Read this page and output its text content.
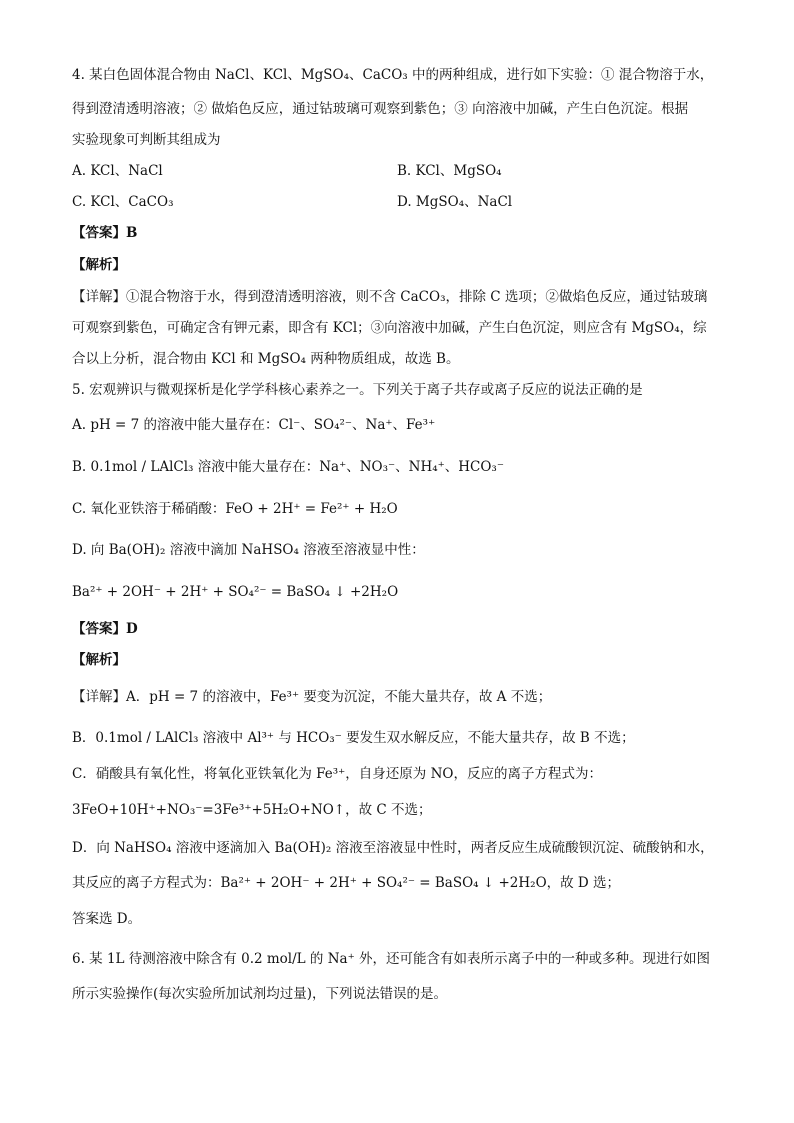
4. 某白色固体混合物由 NaCl、KCl、MgSO₄、CaCO₃ 中的两种组成，进行如下实验：① 混合物溶于水，
得到澄清透明溶液；② 做焰色反应，通过钴玻璃可观察到紫色；③ 向溶液中加碱，产生白色沉淀。根据
实验现象可判断其组成为
A. KCl、NaCl	B. KCl、MgSO₄
C. KCl、CaCO₃	D. MgSO₄、NaCl
【答案】B
【解析】
【详解】①混合物溶于水，得到澄清透明溶液，则不含 CaCO₃，排除 C 选项；②做焰色反应，通过钴玻璃
可观察到紫色，可确定含有钾元素，即含有 KCl；③向溶液中加碱，产生白色沉淀，则应含有 MgSO₄，综
合以上分析，混合物由 KCl 和 MgSO₄ 两种物质组成，故选 B。
5. 宏观辨识与微观探析是化学学科核心素养之一。下列关于离子共存或离子反应的说法正确的是
A. pH = 7 的溶液中能大量存在：Cl⁻、SO₄²⁻、Na⁺、Fe³⁺
B. 0.1mol / LAlCl₃ 溶液中能大量存在：Na⁺、NO₃⁻、NH₄⁺、HCO₃⁻
C. 氧化亚铁溶于稀硝酸：FeO + 2H⁺ = Fe²⁺ + H₂O
D. 向 Ba(OH)₂ 溶液中滴加 NaHSO₄ 溶液至溶液显中性：
Ba²⁺ + 2OH⁻ + 2H⁺ + SO₄²⁻ = BaSO₄ ↓ +2H₂O
【答案】D
【解析】
【详解】A．pH = 7 的溶液中，Fe³⁺ 要变为沉淀，不能大量共存，故 A 不选；
B．0.1mol / LAlCl₃ 溶液中 Al³⁺ 与 HCO₃⁻ 要发生双水解反应，不能大量共存，故 B 不选；
C．硝酸具有氧化性，将氧化亚铁氧化为 Fe³⁺，自身还原为 NO，反应的离子方程式为：
3FeO+10H⁺+NO₃⁻=3Fe³⁺+5H₂O+NO↑，故 C 不选；
D．向 NaHSO₄ 溶液中逐滴加入 Ba(OH)₂ 溶液至溶液显中性时，两者反应生成硫酸钡沉淀、硫酸钠和水，
其反应的离子方程式为：Ba²⁺ + 2OH⁻ + 2H⁺ + SO₄²⁻ = BaSO₄ ↓ +2H₂O，故 D 选；
答案选 D。
6. 某 1L 待测溶液中除含有 0.2 mol/L 的 Na⁺ 外，还可能含有如表所示离子中的一种或多种。现进行如图
所示实验操作(每次实验所加试剂均过量)，下列说法错误的是。
